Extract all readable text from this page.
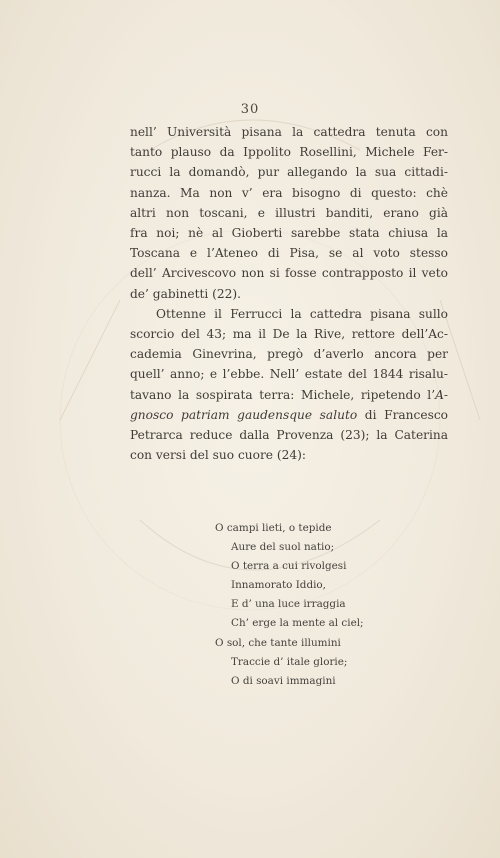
30
nell’ Università pisana la cattedra tenuta con
tanto plauso da Ippolito Rosellini, Michele Fer-
rucci la domandò, pur allegando la sua cittadi-
nanza. Ma non v’ era bisogno di questo: chè
altri non toscani, e illustri banditi, erano già
fra noi; nè al Gioberti sarebbe stata chiusa la
Toscana e l’Ateneo di Pisa, se al voto stesso
dell’ Arcivescovo non si fosse contrapposto il veto
de’ gabinetti (22).
Ottenne il Ferrucci la cattedra pisana sullo
scorcio del 43; ma il De la Rive, rettore dell’Ac-
cademia Ginevrina, pregò d’averlo ancora per
quell’ anno; e l’ebbe. Nell’ estate del 1844 risalu-
tavano la sospirata terra: Michele, ripetendo l’A-
gnosco patriam gaudensque saluto di Francesco
Petrarca reduce dalla Provenza (23); la Caterina
con versi del suo cuore (24):
O campi lieti, o tepide
Aure del suol natio;
O terra a cui rivolgesi
Innamorato Iddio,
E d’ una luce irraggia
Ch’ erge la mente al ciel;
O sol, che tante illumini
Traccie d’ itale glorie;
O di soavi immagini
